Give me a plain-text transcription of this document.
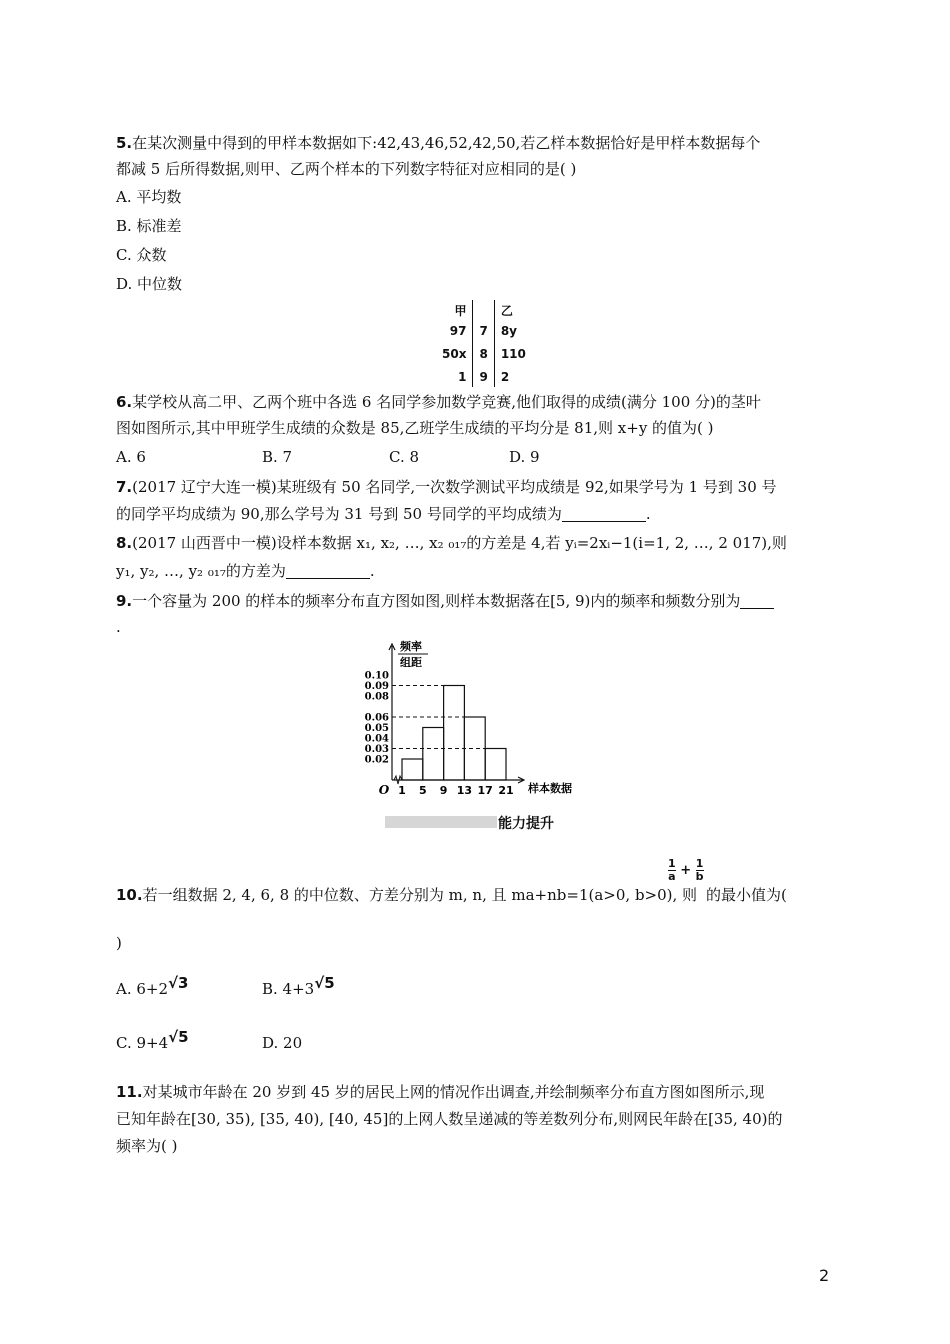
5.在某次测量中得到的甲样本数据如下:42,43,46,52,42,50,若乙样本数据恰好是甲样本数据每个
都减 5 后所得数据,则甲、乙两个样本的下列数字特征对应相同的是( )
A. 平均数
B. 标准差
C. 众数
D. 中位数
甲		乙
97	7	8y
50x	8	110
1	9	2
6.某学校从高二甲、乙两个班中各选 6 名同学参加数学竞赛,他们取得的成绩(满分 100 分)的茎叶
图如图所示,其中甲班学生成绩的众数是 85,乙班学生成绩的平均分是 81,则 x+y 的值为( )
A. 6	B. 7	C. 8	D. 9
7.(2017 辽宁大连一模)某班级有 50 名同学,一次数学测试平均成绩是 92,如果学号为 1 号到 30 号
的同学平均成绩为 90,那么学号为 31 号到 50 号同学的平均成绩为	.
8.(2017 山西晋中一模)设样本数据 x₁, x₂, …, x₂ ₀₁₇的方差是 4,若 yᵢ=2xᵢ−1(i=1, 2, …, 2 017),则
y₁, y₂, …, y₂ ₀₁₇的方差为	.
9.一个容量为 200 的样本的频率分布直方图如图,则样本数据落在[5, 9)内的频率和频数分别为
.
频率
组距
0.10
0.09
0.08
0.06
0.05
0.04
0.03
0.02
1 5 9 13 17 21
O	样本数据
能力提升
10.若一组数据 2, 4, 6, 8 的中位数、方差分别为 m, n, 且 ma+nb=1(a>0, b>0), 则
$\frac{1}{a} + \frac{1}{b}$
的最小值为(
)
A. 6+2√3	B. 4+3√5
C. 9+4√5	D. 20
11.对某城市年龄在 20 岁到 45 岁的居民上网的情况作出调查,并绘制频率分布直方图如图所示,现
已知年龄在[30, 35), [35, 40), [40, 45]的上网人数呈递减的等差数列分布,则网民年龄在[35, 40)的
频率为( )
2
